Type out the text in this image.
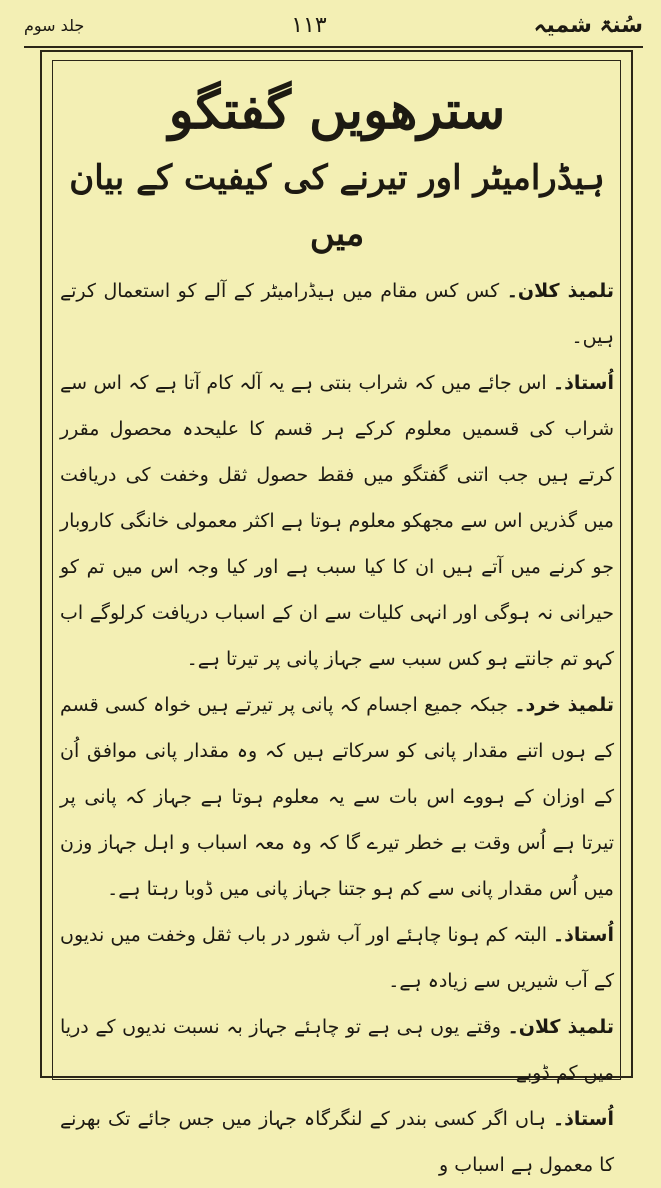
جلد سوم	۱۱۳	سُنۃ شمیہ
سترھویں گفتگو
ہیڈرامیٹر اور تیرنے کی کیفیت کے بیان میں

تلمیذ کلان۔ کس کس مقام میں ہیڈرامیٹر کے آلے کو استعمال کرتے ہیں۔

اُستاذ۔ اس جائے میں کہ شراب بنتی ہے یہ آلہ کام آتا ہے کہ اس سے شراب کی قسمیں معلوم کرکے ہر قسم کا علیحدہ محصول مقرر کرتے ہیں جب اتنی گفتگو میں فقط حصول ثقل وخفت کی دریافت میں گذریں اس سے مجھکو معلوم ہوتا ہے اکثر معمولی خانگی کاروبار جو کرنے میں آتے ہیں ان کا کیا سبب ہے اور کیا وجہ اس میں تم کو حیرانی نہ ہوگی اور انہی کلیات سے ان کے اسباب دریافت کرلوگے اب کہو تم جانتے ہو کس سبب سے جہاز پانی پر تیرتا ہے۔

تلمیذ خرد۔ جبکہ جمیع اجسام کہ پانی پر تیرتے ہیں خواہ کسی قسم کے ہوں اتنے مقدار پانی کو سرکاتے ہیں کہ وہ مقدار پانی موافق اُن کے اوزان کے ہووے اس بات سے یہ معلوم ہوتا ہے جہاز کہ پانی پر تیرتا ہے اُس وقت بے خطر تیرے گا کہ وہ معہ اسباب و اہل جہاز وزن میں اُس مقدار پانی سے کم ہو جتنا جہاز پانی میں ڈوبا رہتا ہے۔

اُستاذ۔ البتہ کم ہونا چاہئے اور آب شور در باب ثقل وخفت میں ندیوں کے آب شیریں سے زیادہ ہے۔

تلمیذ کلان۔ وقتے یوں ہی ہے تو چاہئے جہاز بہ نسبت ندیوں کے دریا میں کم ڈوبے

اُستاذ۔ ہاں اگر کسی بندر کے لنگرگاہ جہاز میں جس جائے تک بھرنے کا معمول ہے اسباب و
